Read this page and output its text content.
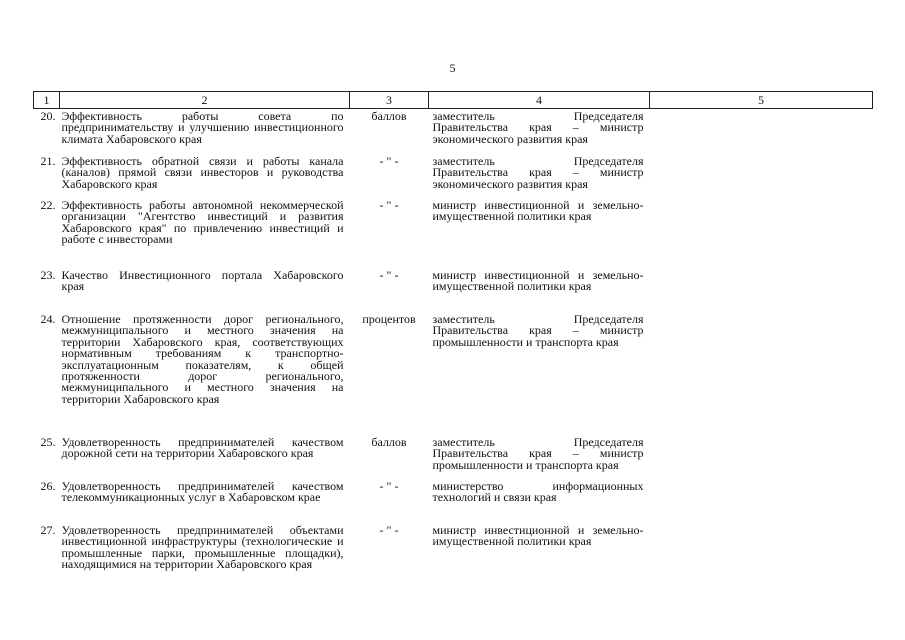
5
1	2	3	4	5
20.	Эффективность работы совета по предпринимательству и улучшению инвестиционного климата Хабаровского края	баллов	заместитель Председателя Правительства края – министр экономического развития края	
21.	Эффективность обратной связи и работы канала (каналов) прямой связи инвесторов и руководства Хабаровского края	- " -	заместитель Председателя Правительства края – министр экономического развития края	
22.	Эффективность работы автономной некоммерческой организации "Агентство инвестиций и развития Хабаровского края" по привлечению инвестиций и работе с инвесторами	- " -	министр инвестиционной и земельно-имущественной политики края	
23.	Качество Инвестиционного портала Хабаровского края	- " -	министр инвестиционной и земельно-имущественной политики края	
24.	Отношение протяженности дорог регионального, межмуниципального и местного значения на территории Хабаровского края, соответствующих нормативным требованиям к транспортно-эксплуатационным показателям, к общей протяженности дорог регионального, межмуниципального и местного значения на территории Хабаровского края	процентов	заместитель Председателя Правительства края – министр промышленности и транспорта края	
25.	Удовлетворенность предпринимателей качеством дорожной сети на территории Хабаровского края	баллов	заместитель Председателя Правительства края – министр промышленности и транспорта края	
26.	Удовлетворенность предпринимателей качеством телекоммуникационных услуг в Хабаровском крае	- " -	министерство информационных технологий и связи края	
27.	Удовлетворенность предпринимателей объектами инвестиционной инфраструктуры (технологические и промышленные парки, промышленные площадки), находящимися на территории Хабаровского края	- " -	министр инвестиционной и земельно-имущественной политики края	
